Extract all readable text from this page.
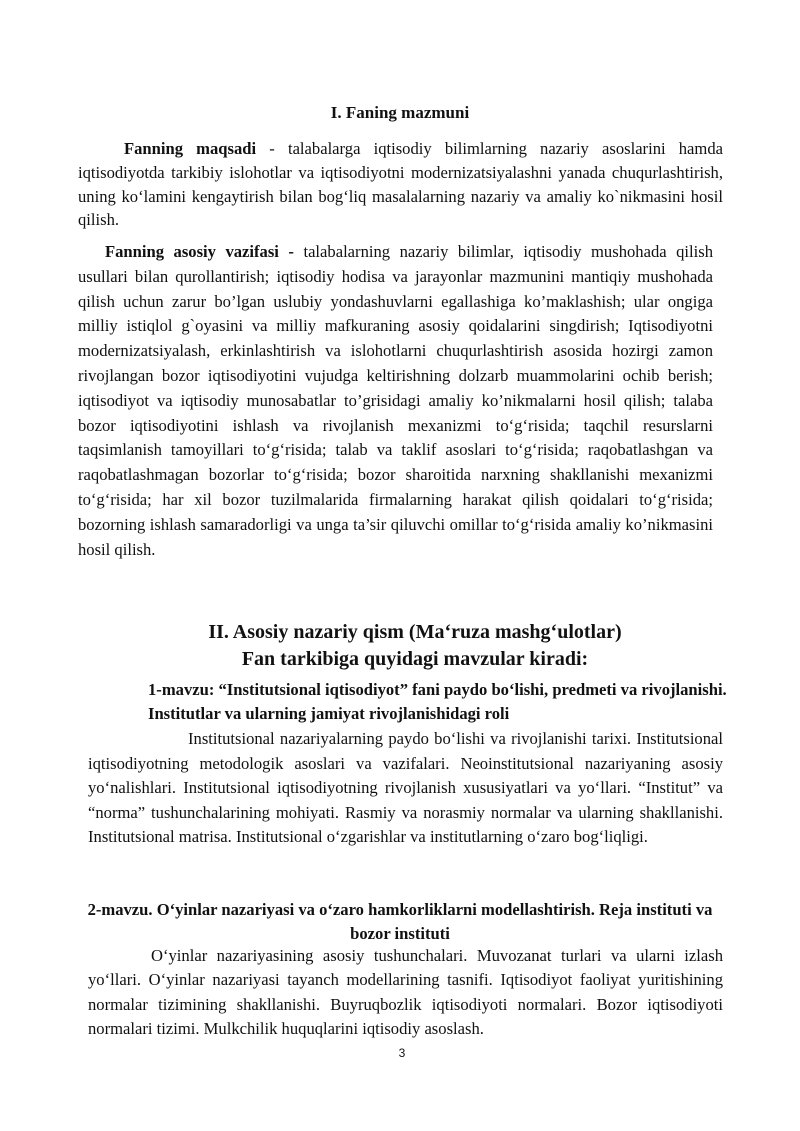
I. Faning mazmuni

Fanning maqsadi - talabalarga iqtisodiy bilimlarning nazariy asoslarini hamda iqtisodiyotda tarkibiy islohotlar va iqtisodiyotni modernizatsiyalashni yanada chuqurlashtirish, uning ko‘lamini kengaytirish bilan bog‘liq masalalarning nazariy va amaliy ko`nikmasini hosil qilish.

Fanning asosiy vazifasi - talabalarning nazariy bilimlar, iqtisodiy mushohada qilish usullari bilan qurollantirish; iqtisodiy hodisa va jarayonlar mazmunini mantiqiy mushohada qilish uchun zarur bo’lgan uslubiy yondashuvlarni egallashiga ko’maklashish; ular ongiga milliy istiqlol g`oyasini va milliy mafkuraning asosiy qoidalarini singdirish; Iqtisodiyotni modernizatsiyalash, erkinlashtirish va islohotlarni chuqurlashtirish asosida hozirgi zamon rivojlangan bozor iqtisodiyotini vujudga keltirishning dolzarb muammolarini ochib berish; iqtisodiyot va iqtisodiy munosabatlar to’grisidagi amaliy ko’nikmalarni hosil qilish; talaba bozor iqtisodiyotini ishlash va rivojlanish mexanizmi to‘g‘risida; taqchil resurslarni taqsimlanish tamoyillari to‘g‘risida; talab va taklif asoslari to‘g‘risida; raqobatlashgan va raqobatlashmagan bozorlar to‘g‘risida; bozor sharoitida narxning shakllanishi mexanizmi to‘g‘risida; har xil bozor tuzilmalarida firmalarning harakat qilish qoidalari to‘g‘risida; bozorning ishlash samaradorligi va unga ta’sir qiluvchi omillar to‘g‘risida amaliy ko’nikmasini hosil qilish.

II. Asosiy nazariy qism (Ma‘ruza mashg‘ulotlar)
Fan tarkibiga quyidagi mavzular kiradi:
1-mavzu: “Institutsional iqtisodiyot” fani paydo bo‘lishi, predmeti va rivojlanishi. Institutlar va ularning jamiyat rivojlanishidagi roli

Institutsional nazariyalarning paydo bo‘lishi va rivojlanishi tarixi. Institutsional iqtisodiyotning metodologik asoslari va vazifalari. Neoinstitutsional nazariyaning asosiy yo‘nalishlari. Institutsional iqtisodiyotning rivojlanish xususiyatlari va yo‘llari. “Institut” va “norma” tushunchalarining mohiyati. Rasmiy va norasmiy normalar va ularning shakllanishi. Institutsional matrisa. Institutsional o‘zgarishlar va institutlarning o‘zaro bog‘liqligi.

2-mavzu. O‘yinlar nazariyasi va o‘zaro hamkorliklarni modellashtirish. Reja instituti va bozor instituti

O‘yinlar nazariyasining asosiy tushunchalari. Muvozanat turlari va ularni izlash yo‘llari. O‘yinlar nazariyasi tayanch modellarining tasnifi. Iqtisodiyot faoliyat yuritishining normalar tizimining shakllanishi. Buyruqbozlik iqtisodiyoti normalari. Bozor iqtisodiyoti normalari tizimi. Mulkchilik huquqlarini iqtisodiy asoslash.

3
